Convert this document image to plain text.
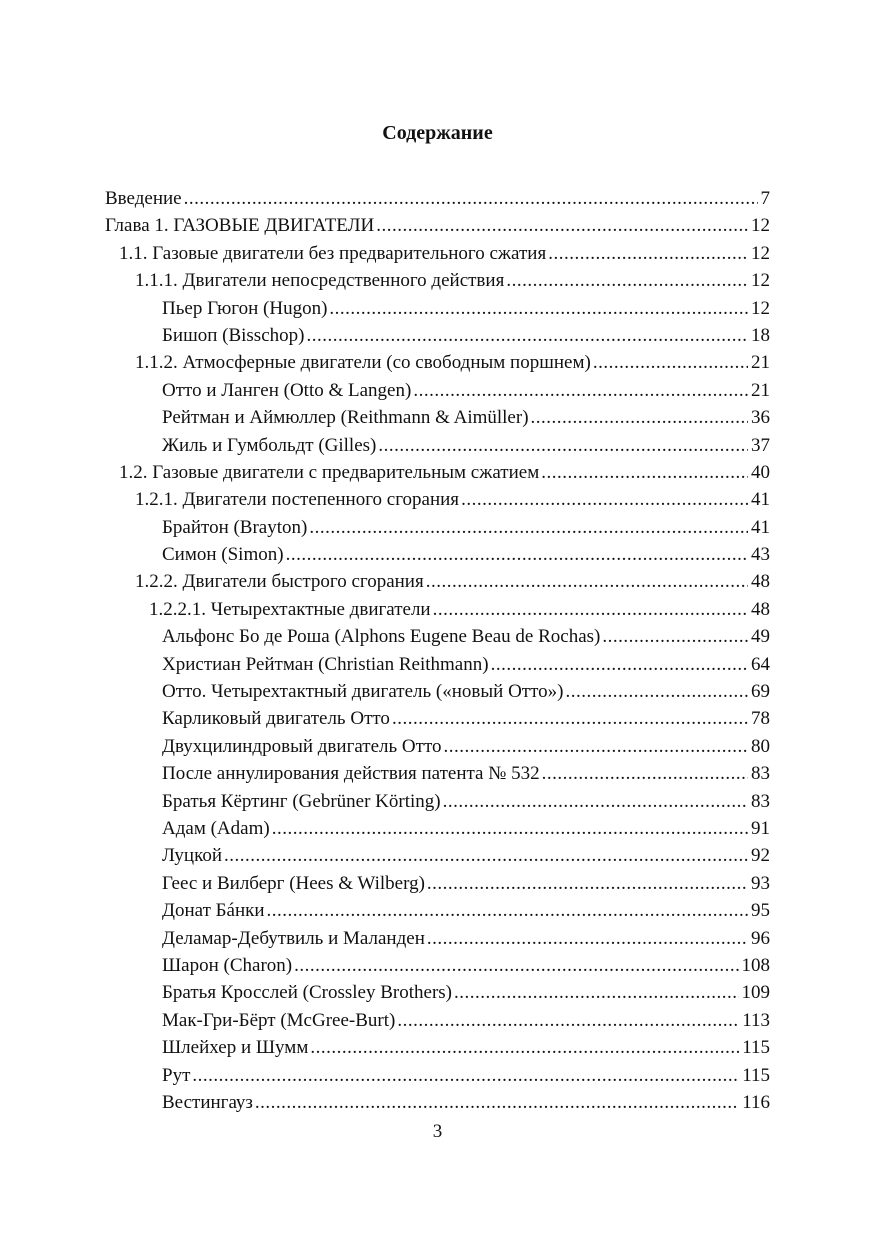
Содержание
Введение .....	7
Глава 1. ГАЗОВЫЕ ДВИГАТЕЛИ .....	12
1.1. Газовые двигатели без предварительного сжатия .....	12
1.1.1. Двигатели непосредственного действия .....	12
Пьер Гюгон (Hugon) .....	12
Бишоп (Bisschop) .....	18
1.1.2. Атмосферные двигатели (со свободным поршнем) .....	21
Отто и Ланген (Otto & Langen) .....	21
Рейтман и Аймюллер (Reithmann & Aimüller) .....	36
Жиль и Гумбольдт (Gilles) .....	37
1.2. Газовые двигатели с предварительным сжатием .....	40
1.2.1. Двигатели постепенного сгорания .....	41
Брайтон (Brayton) .....	41
Симон (Simon) .....	43
1.2.2. Двигатели быстрого сгорания .....	48
1.2.2.1. Четырехтактные двигатели .....	48
Альфонс Бо де Роша (Alphons Eugene Beau de Rochas) .....	49
Христиан Рейтман (Christian Reithmann) .....	64
Отто. Четырехтактный двигатель («новый Отто») .....	69
Карликовый двигатель Отто .....	78
Двухцилиндровый двигатель Отто .....	80
После аннулирования действия патента № 532 .....	83
Братья Кёртинг (Gebrüner Körting) .....	83
Адам (Adam) .....	91
Луцкой .....	92
Геес и Вилберг (Hees & Wilberg) .....	93
Донат Бáнки .....	95
Деламар-Дебутвиль и Маланден .....	96
Шарон (Charon) .....	108
Братья Кросслей (Crossley Brothers) .....	109
Мак-Гри-Бёрт (McGree-Burt) .....	113
Шлейхер и Шумм .....	115
Рут .....	115
Вестингауз .....	116
3
